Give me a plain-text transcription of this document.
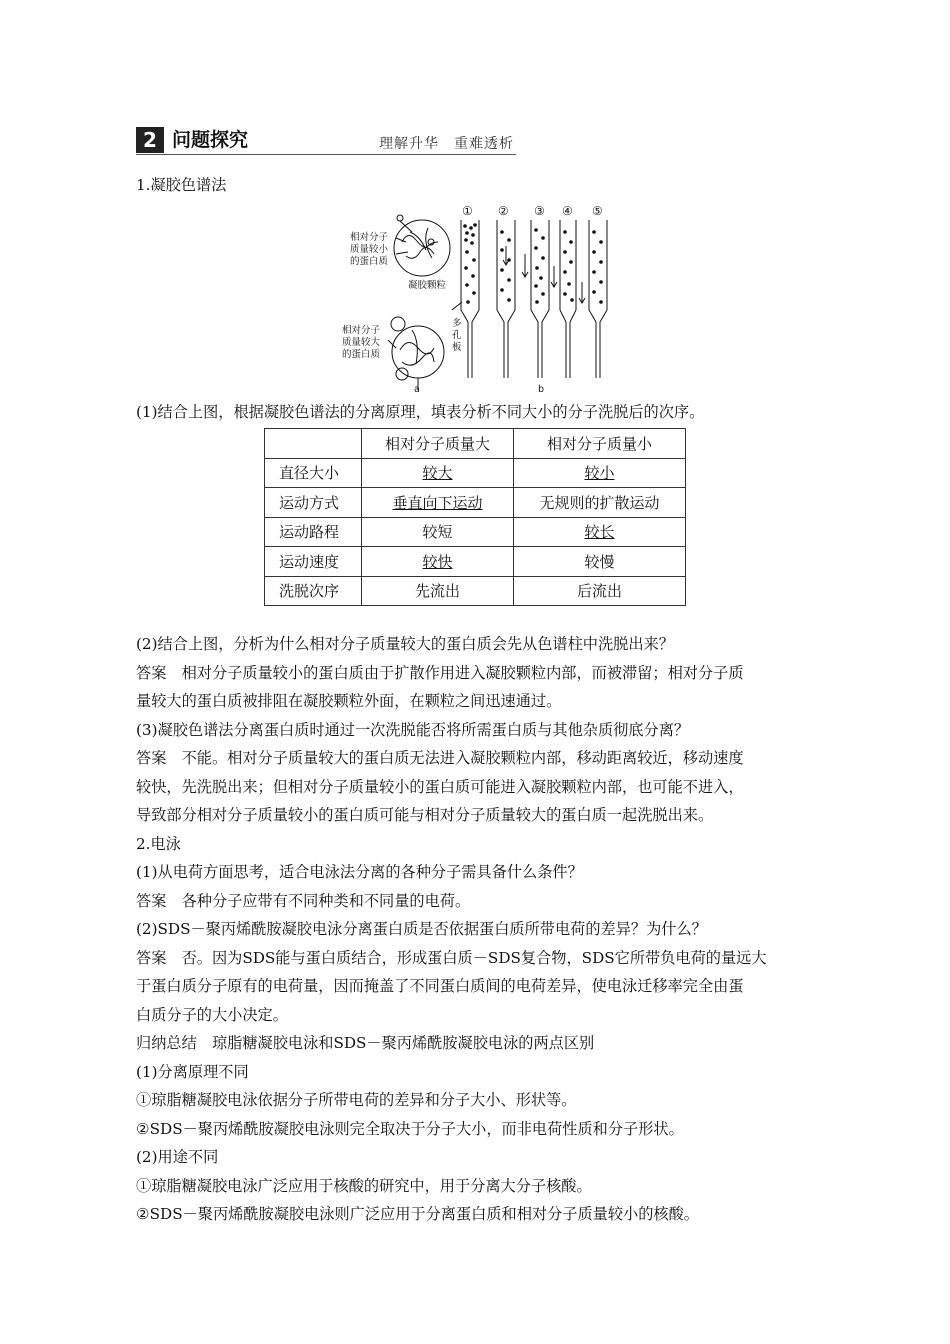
2 问题探究	理解升华　重难透析
1.凝胶色谱法
相对分子
质量较小
的蛋白质
凝胶颗粒
相对分子
质量较大
的蛋白质
多
孔
板
a	b
① ② ③ ④ ⑤
(1)结合上图，根据凝胶色谱法的分离原理，填表分析不同大小的分子洗脱后的次序。
	相对分子质量大	相对分子质量小
直径大小	较大	较小
运动方式	垂直向下运动	无规则的扩散运动
运动路程	较短	较长
运动速度	较快	较慢
洗脱次序	先流出	后流出
(2)结合上图，分析为什么相对分子质量较大的蛋白质会先从色谱柱中洗脱出来？
答案　相对分子质量较小的蛋白质由于扩散作用进入凝胶颗粒内部，而被滞留；相对分子质
量较大的蛋白质被排阻在凝胶颗粒外面，在颗粒之间迅速通过。
(3)凝胶色谱法分离蛋白质时通过一次洗脱能否将所需蛋白质与其他杂质彻底分离？
答案　不能。相对分子质量较大的蛋白质无法进入凝胶颗粒内部，移动距离较近，移动速度
较快，先洗脱出来；但相对分子质量较小的蛋白质可能进入凝胶颗粒内部，也可能不进入，
导致部分相对分子质量较小的蛋白质可能与相对分子质量较大的蛋白质一起洗脱出来。
2.电泳
(1)从电荷方面思考，适合电泳法分离的各种分子需具备什么条件？
答案　各种分子应带有不同种类和不同量的电荷。
(2)SDS－聚丙烯酰胺凝胶电泳分离蛋白质是否依据蛋白质所带电荷的差异？为什么？
答案　否。因为SDS能与蛋白质结合，形成蛋白质－SDS复合物，SDS它所带负电荷的量远大
于蛋白质分子原有的电荷量，因而掩盖了不同蛋白质间的电荷差异，使电泳迁移率完全由蛋
白质分子的大小决定。
归纳总结　琼脂糖凝胶电泳和SDS－聚丙烯酰胺凝胶电泳的两点区别
(1)分离原理不同
①琼脂糖凝胶电泳依据分子所带电荷的差异和分子大小、形状等。
②SDS－聚丙烯酰胺凝胶电泳则完全取决于分子大小，而非电荷性质和分子形状。
(2)用途不同
①琼脂糖凝胶电泳广泛应用于核酸的研究中，用于分离大分子核酸。
②SDS－聚丙烯酰胺凝胶电泳则广泛应用于分离蛋白质和相对分子质量较小的核酸。
